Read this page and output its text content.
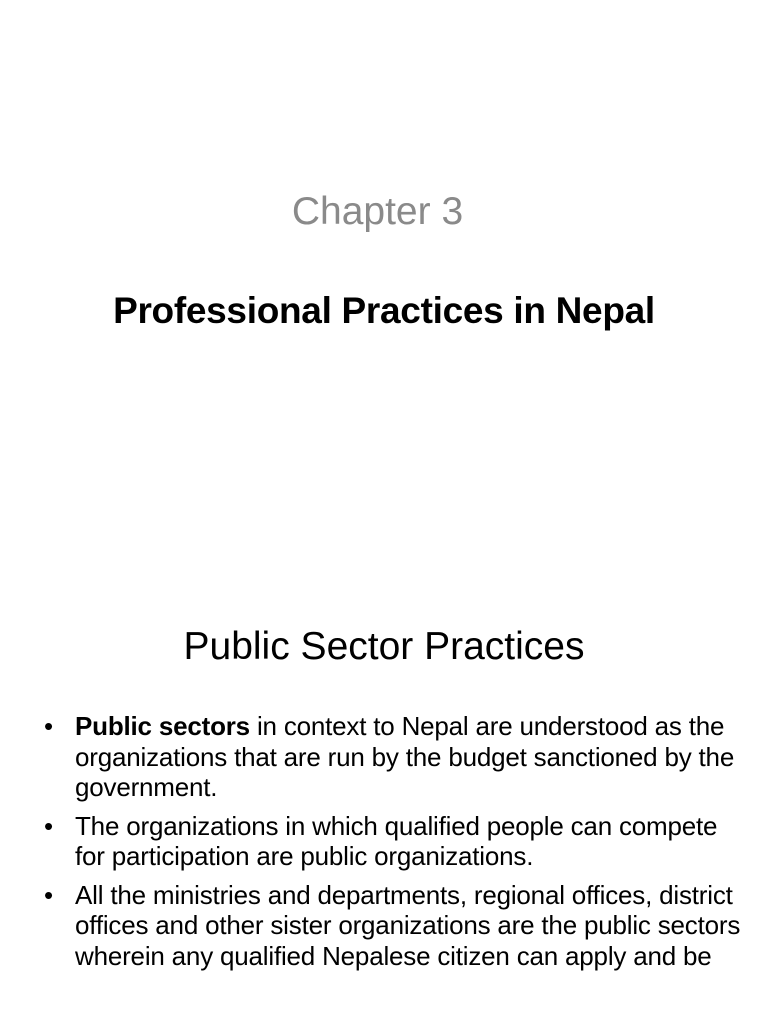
Chapter 3
Professional Practices in Nepal
Public Sector Practices
• Public sectors in context to Nepal are understood as the organizations that are run by the budget sanctioned by the government.
• The organizations in which qualified people can compete for participation are public organizations.
• All the ministries and departments, regional offices, district offices and other sister organizations are the public sectors wherein any qualified Nepalese citizen can apply and be
